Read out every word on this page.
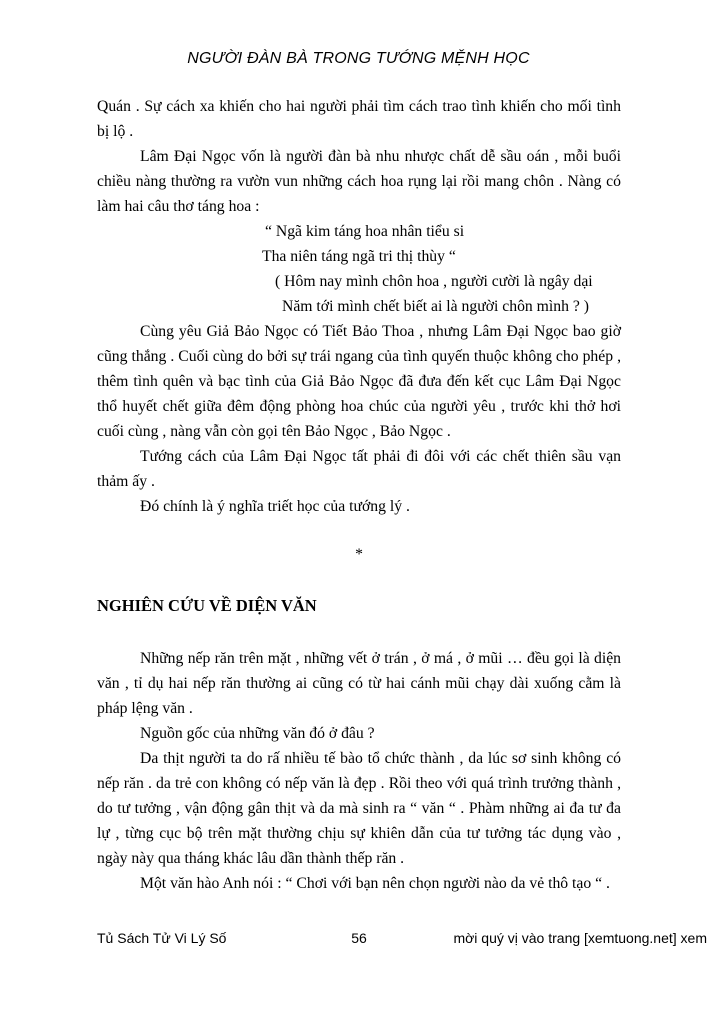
NGƯỜI ĐÀN BÀ TRONG TƯỚNG MỆNH HỌC

Quán . Sự cách xa khiến cho hai người phải tìm cách trao tình khiến cho mối tình bị lộ .

Lâm Đại Ngọc vốn là người đàn bà nhu nhược chất dễ sầu oán , mỗi buổi chiều nàng thường ra vườn vun những cách hoa rụng lại rồi mang chôn . Nàng có làm hai câu thơ táng hoa :

“ Ngã kim táng hoa nhân tiểu si
Tha niên táng ngã tri thị thùy “
( Hôm nay mình chôn hoa , người cười là ngây dại
Năm tới mình chết biết ai là người chôn mình ? )

Cùng yêu Giả Bảo Ngọc có Tiết Bảo Thoa , nhưng Lâm Đại Ngọc bao giờ cũng thắng . Cuối cùng do bởi sự trái ngang của tình quyến thuộc không cho phép , thêm tình quên và bạc tình của Giả Bảo Ngọc đã đưa đến kết cục Lâm Đại Ngọc thổ huyết chết giữa đêm động phòng hoa chúc của người yêu , trước khi thở hơi cuối cùng , nàng vẫn còn gọi tên Bảo Ngọc , Bảo Ngọc .

Tướng cách của Lâm Đại Ngọc tất phải đi đôi với các chết thiên sầu vạn thảm ấy .

Đó chính là ý nghĩa triết học của tướng lý .

*
NGHIÊN CỨU VỀ DIỆN VĂN

Những nếp răn trên mặt , những vết ở trán , ở má , ở mũi … đều gọi là diện văn , tỉ dụ hai nếp răn thường ai cũng có từ hai cánh mũi chạy dài xuống cằm là pháp lệng văn .

Nguồn gốc của những văn đó ở đâu ?

Da thịt người ta do rấ nhiều tế bào tổ chức thành , da lúc sơ sinh không có nếp răn . da trẻ con không có nếp văn là đẹp . Rồi theo với quá trình trưởng thành , do tư tưởng , vận động gân thịt và da mà sinh ra “ văn “ . Phàm những ai đa tư đa lự , từng cục bộ trên mặt thường chịu sự khiên dẫn của tư tưởng tác dụng vào , ngày này qua tháng khác lâu dần thành thếp răn .

Một văn hào Anh nói : “ Chơi với bạn nên chọn người nào da vẻ thô tạo “ .

Tủ Sách Tử Vi Lý Số	56	mời quý vị vào trang [xemtuong.net] xem
